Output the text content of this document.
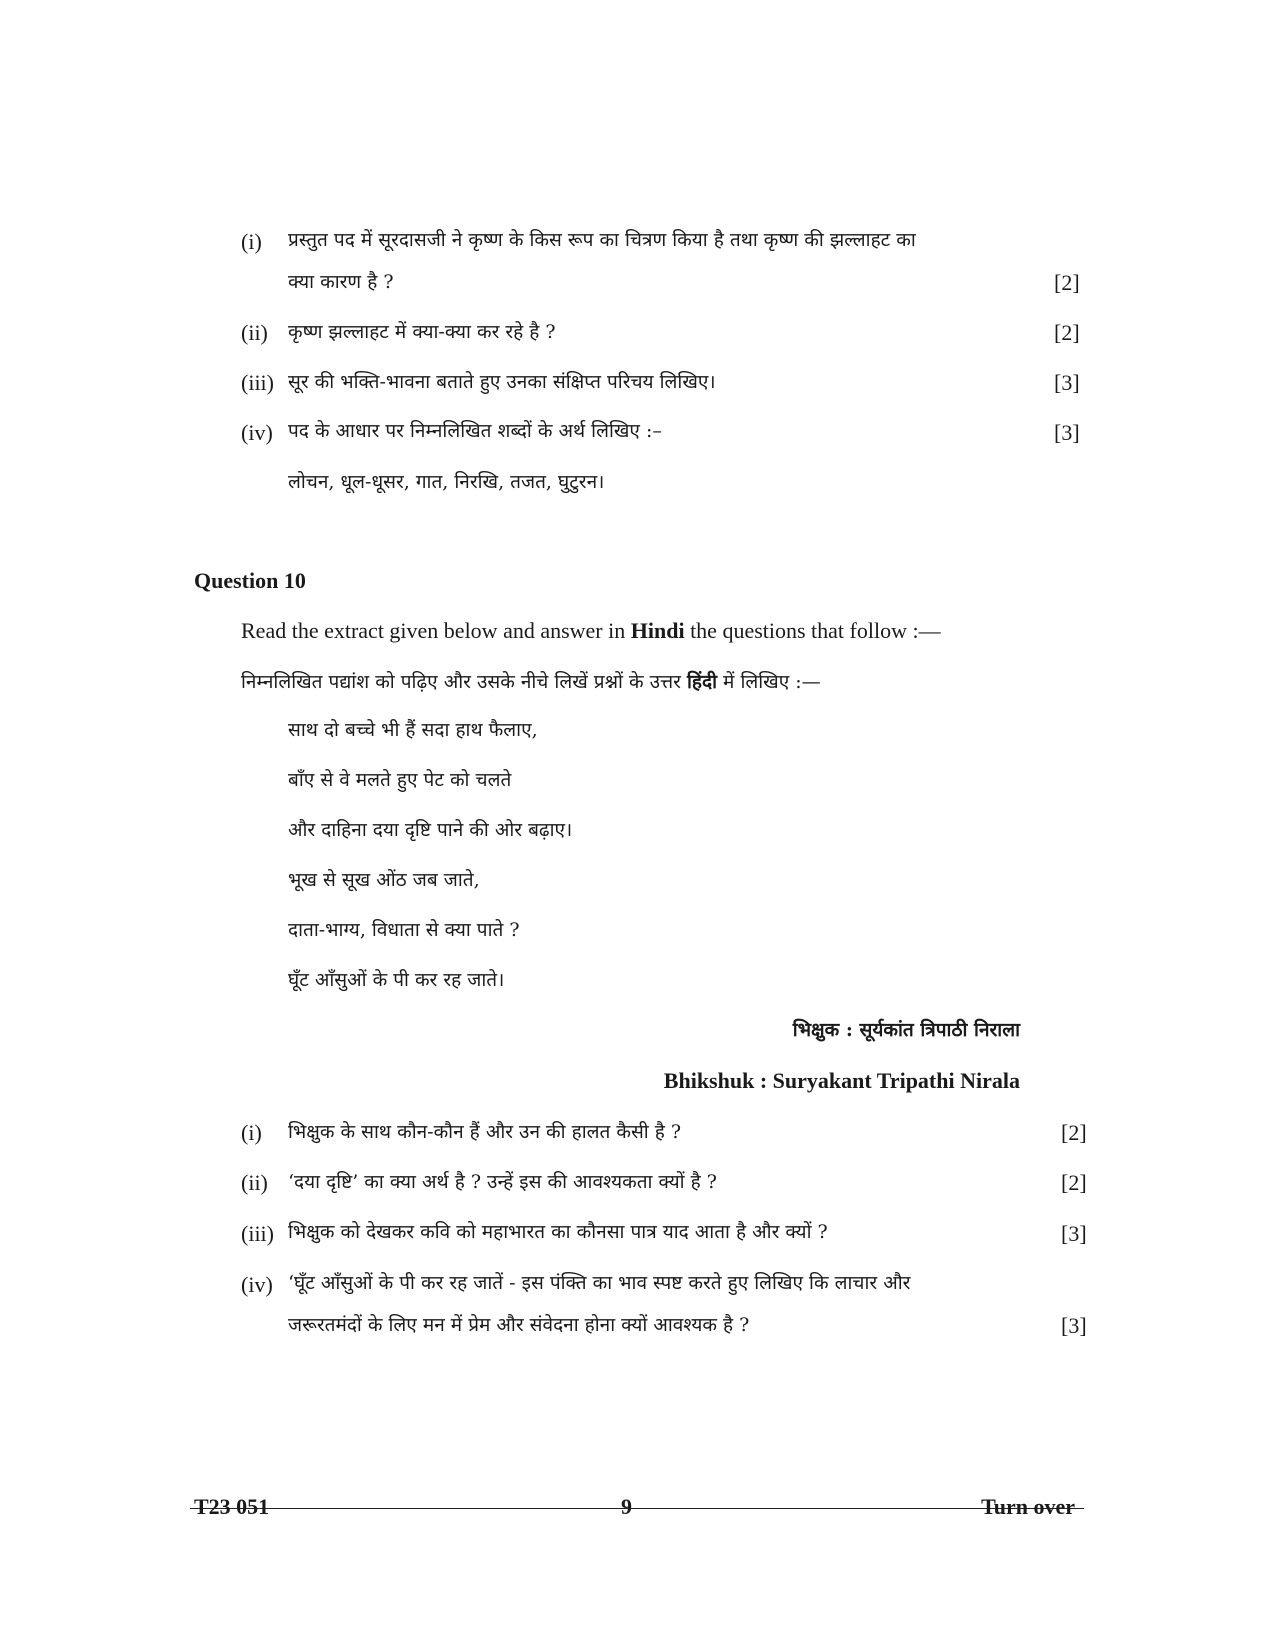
(i) प्रस्तुत पद में सूरदासजी ने कृष्ण के किस रूप का चित्रण किया है तथा कृष्ण की झल्लाहट का
क्या कारण है ?	[2]
(ii) कृष्ण झल्लाहट में क्या-क्या कर रहे है ?	[2]
(iii) सूर की भक्ति-भावना बताते हुए उनका संक्षिप्त परिचय लिखिए।	[3]
(iv) पद के आधार पर निम्नलिखित शब्दों के अर्थ लिखिए :–	[3]
लोचन, धूल-धूसर, गात, निरखि, तजत, घुटुरन।
Question 10
Read the extract given below and answer in Hindi the questions that follow :—
निम्नलिखित पद्यांश को पढ़िए और उसके नीचे लिखें प्रश्नों के उत्तर हिंदी में लिखिए :—
साथ दो बच्चे भी हैं सदा हाथ फैलाए,
बाँए से वे मलते हुए पेट को चलते
और दाहिना दया दृष्टि पाने की ओर बढ़ाए।
भूख से सूख ओंठ जब जाते,
दाता-भाग्य, विधाता से क्या पाते ?
घूँट आँसुओं के पी कर रह जाते।
भिक्षुक : सूर्यकांत त्रिपाठी निराला
Bhikshuk : Suryakant Tripathi Nirala
(i) भिक्षुक के साथ कौन-कौन हैं और उन की हालत कैसी है ?	[2]
(ii) ‘दया दृष्टि’ का क्या अर्थ है ? उन्हें इस की आवश्यकता क्यों है ?	[2]
(iii) भिक्षुक को देखकर कवि को महाभारत का कौनसा पात्र याद आता है और क्यों ?	[3]
(iv) ‘घूँट आँसुओं के पी कर रह जातें - इस पंक्ति का भाव स्पष्ट करते हुए लिखिए कि लाचार और
जरूरतमंदों के लिए मन में प्रेम और संवेदना होना क्यों आवश्यक है ?	[3]
T23 051	9	Turn over
